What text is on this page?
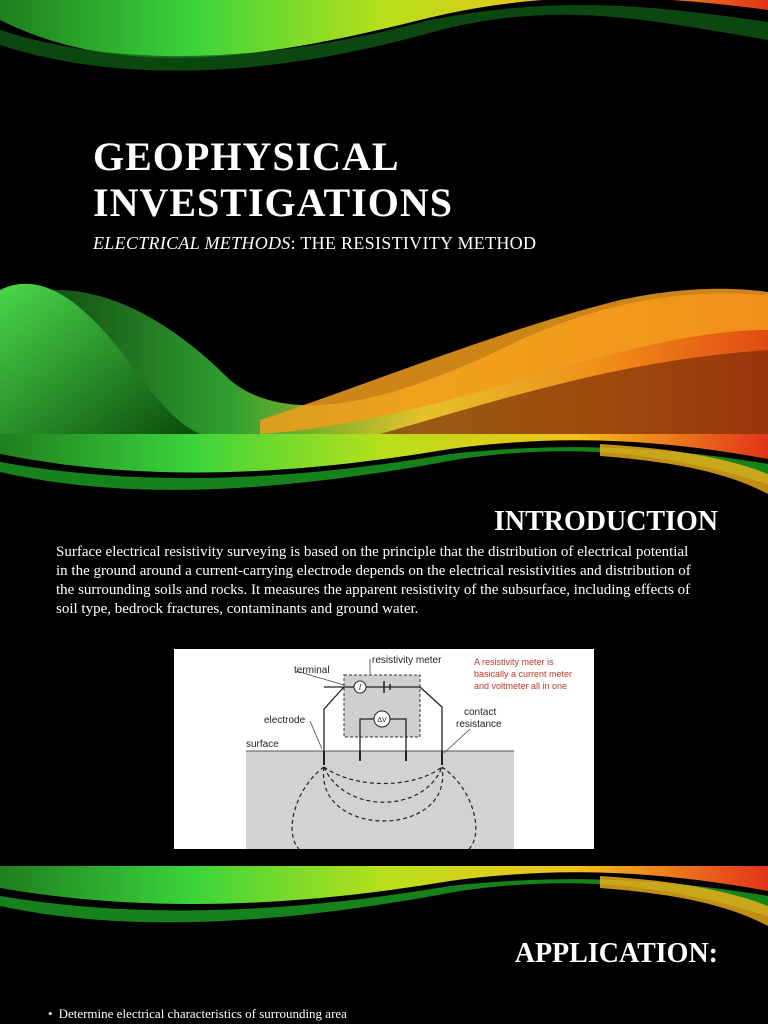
GEOPHYSICAL
INVESTIGATIONS
ELECTRICAL METHODS: THE RESISTIVITY METHOD
INTRODUCTION

Surface electrical resistivity surveying is based on the principle that the distribution of electrical potential in the ground around a current-carrying electrode depends on the electrical resistivities and distribution of the surrounding soils and rocks. It measures the apparent resistivity of the subsurface, including effects of soil type, bedrock fractures, contaminants and ground water.

I
ΔV
resistivity meter
terminal
electrode
surface
contact
resistance
A resistivity meter is
basically a current meter
and voltmeter all in one
APPLICATION:
• Determine electrical characteristics of surrounding area
